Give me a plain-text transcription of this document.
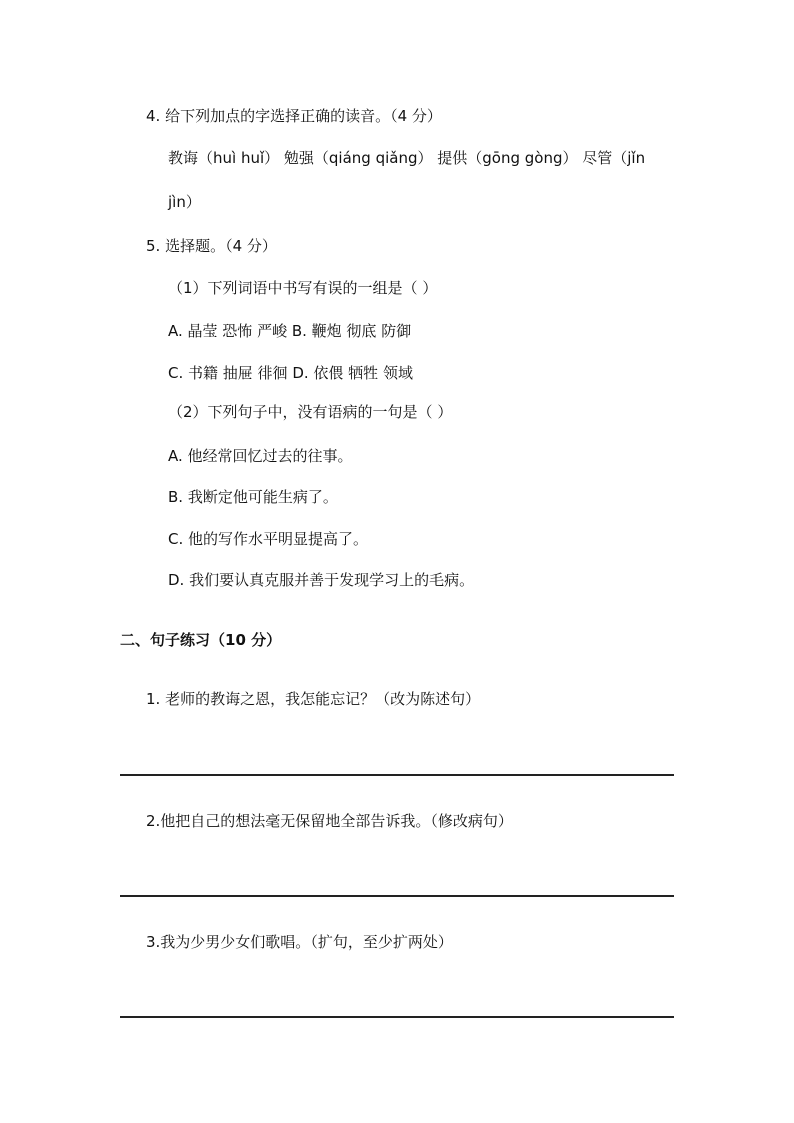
4. 给下列加点的字选择正确的读音。（4 分）
教诲（huì huǐ） 勉强（qiáng qiǎng） 提供（gōng gòng） 尽管（jǐn
jìn）
5. 选择题。（4 分）
（1）下列词语中书写有误的一组是（ ）
A. 晶莹 恐怖 严峻 B. 鞭炮 彻底 防御
C. 书籍 抽屉 徘徊 D. 依偎 牺牲 领域
（2）下列句子中，没有语病的一句是（ ）
A. 他经常回忆过去的往事。
B. 我断定他可能生病了。
C. 他的写作水平明显提高了。
D. 我们要认真克服并善于发现学习上的毛病。
二、句子练习（10 分）
1. 老师的教诲之恩，我怎能忘记？（改为陈述句）
2.他把自己的想法毫无保留地全部告诉我。（修改病句）
3.我为少男少女们歌唱。（扩句，至少扩两处）
